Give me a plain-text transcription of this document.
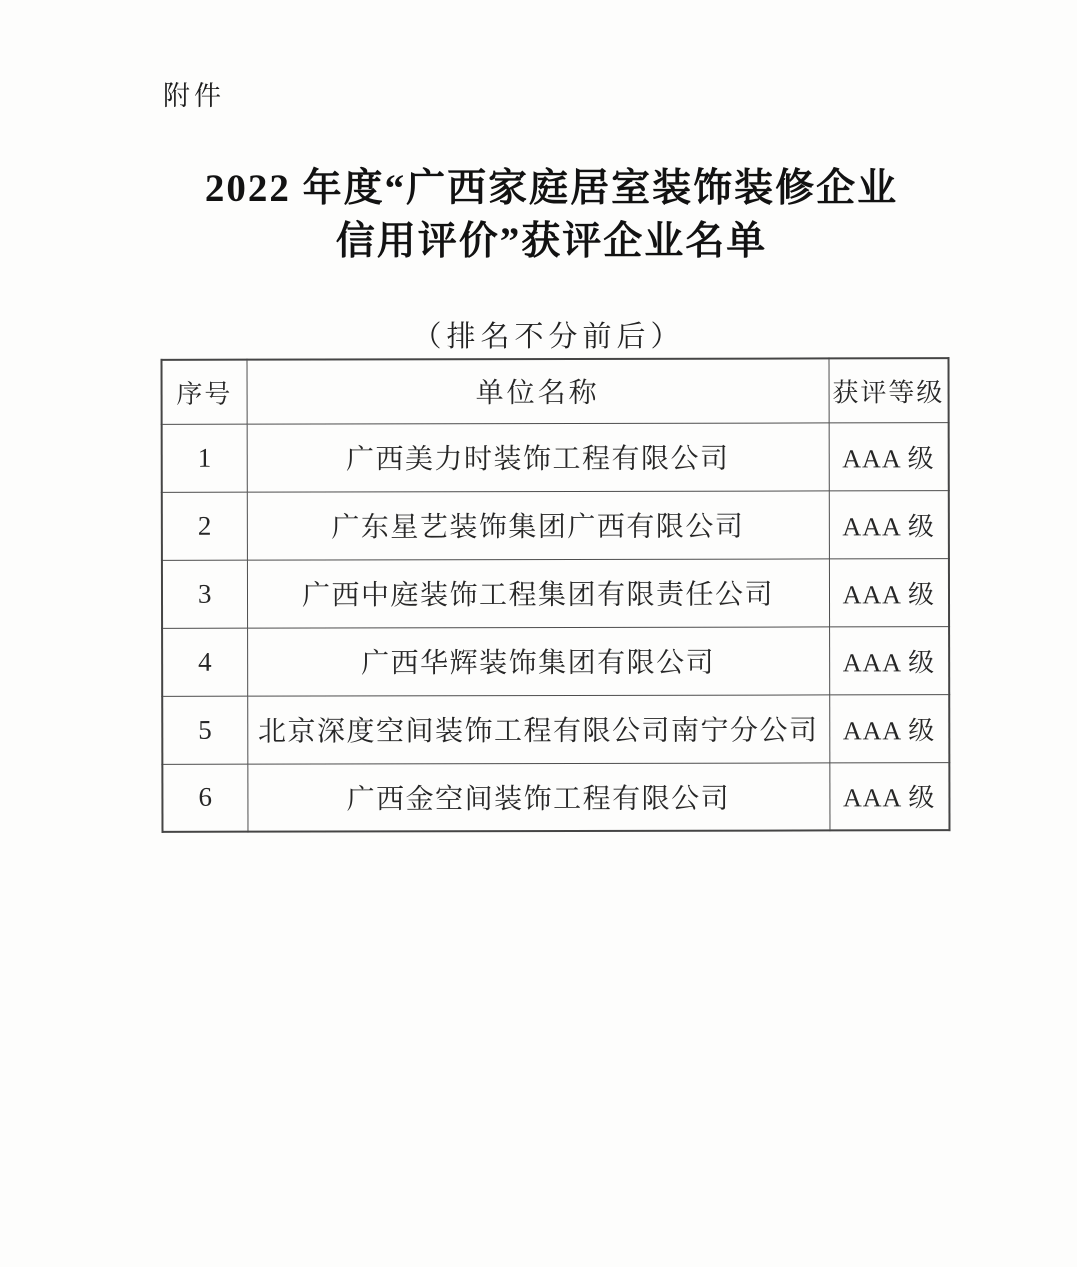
附件
2022 年度“广西家庭居室装饰装修企业
信用评价”获评企业名单
（排名不分前后）
序号	单位名称	获评等级
1	广西美力时装饰工程有限公司	AAA 级
2	广东星艺装饰集团广西有限公司	AAA 级
3	广西中庭装饰工程集团有限责任公司	AAA 级
4	广西华辉装饰集团有限公司	AAA 级
5	北京深度空间装饰工程有限公司南宁分公司	AAA 级
6	广西金空间装饰工程有限公司	AAA 级
